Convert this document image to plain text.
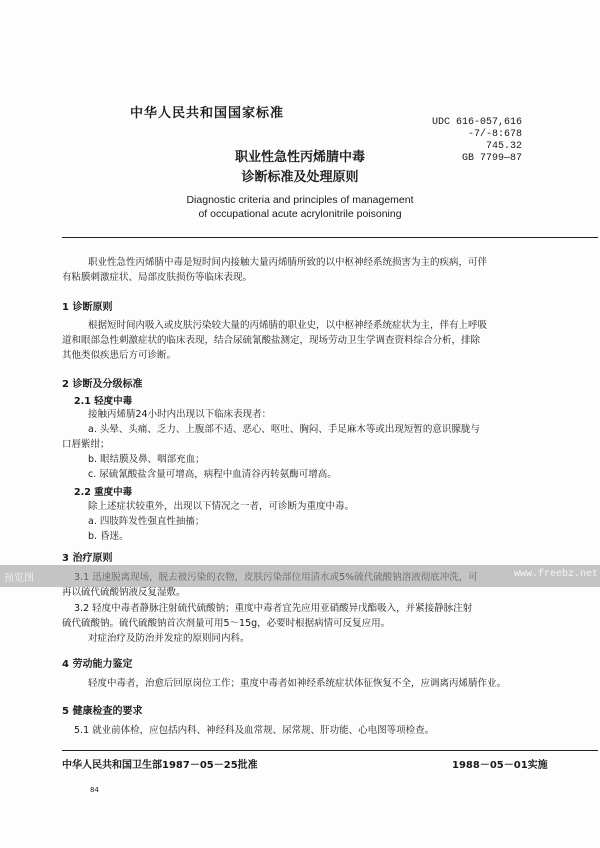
中华人民共和国国家标准
UDC 616-057,616
-7/-8:678
745.32
GB 7799—87
职业性急性丙烯腈中毒
诊断标准及处理原则
Diagnostic criteria and principles of management
of occupational acute acrylonitrile poisoning
职业性急性丙烯腈中毒是短时间内接触大量丙烯腈所致的以中枢神经系统损害为主的疾病，可伴
有粘膜刺激症状、局部皮肤损伤等临床表现。
1 诊断原则
根据短时间内吸入或皮肤污染较大量的丙烯腈的职业史，以中枢神经系统症状为主，伴有上呼吸
道和眼部急性刺激症状的临床表现，结合尿硫氰酸盐测定，现场劳动卫生学调查资料综合分析，排除
其他类似疾患后方可诊断。
2 诊断及分级标准
2.1 轻度中毒
接触丙烯腈24小时内出现以下临床表现者：
a. 头晕、头痛、乏力、上腹部不适、恶心、呕吐、胸闷、手足麻木等或出现短暂的意识朦胧与
口唇紫绀；
b. 眼结膜及鼻、咽部充血；
c. 尿硫氰酸盐含量可增高，病程中血清谷丙转氨酶可增高。
2.2 重度中毒
除上述症状较重外，出现以下情况之一者，可诊断为重度中毒。
a. 四肢阵发性强直性抽搐；
b. 昏迷。
3 治疗原则
再以硫代硫酸钠液反复湿敷。
3.2 轻度中毒者静脉注射硫代硫酸钠；重度中毒者宜先应用亚硝酸异戊酯吸入，并紧接静脉注射
硫代硫酸钠。硫代硫酸钠首次剂量可用5～15g，必要时根据病情可反复应用。
对症治疗及防治并发症的原则同内科。
预览图	www.freebz.net
4 劳动能力鉴定
轻度中毒者，治愈后回原岗位工作；重度中毒者如神经系统症状体征恢复不全，应调离丙烯腈作业。
5 健康检查的要求
5.1 就业前体检，应包括内科、神经科及血常规、尿常规、肝功能、心电图等项检查。
中华人民共和国卫生部1987－05－25批准	1988－05－01实施
84
